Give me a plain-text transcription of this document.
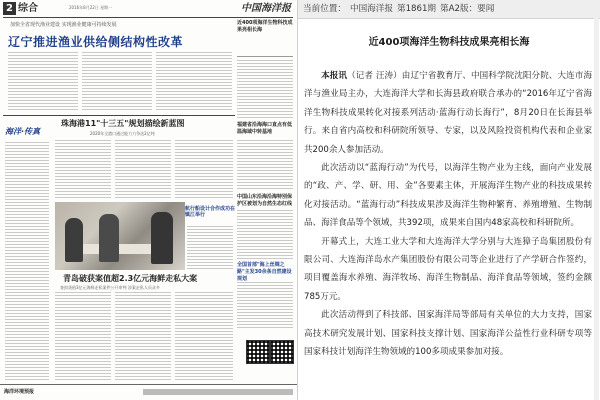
2 综合	2016年8月22日 星期一	中国海洋报
加快全省现代渔业建设 实现渔业健康可持续发展
辽宁推进渔业供给侧结构性改革
近400项海洋生物科技成果亮相长海
海洋·传真
珠海港11"十三五"规划描绘新蓝图
2020年全港口通过能力力争达2亿吨
福建省沿海海口直点有低温海域中转基地
中国山东沿海沿海特别保护区被划为自然生态红线
全国首部"海上丝绸之路"主发30余条自然建设规划
航行船设计合作成功在镇江举行
青岛破获案值超2.3亿元海鲜走私大案
查扣货值3亿元海鲜走私案件公开审判 涉案走私人员众多
海洋环境预报
当前位置： 中国海洋报 第1861期 第A2版：要闻
近400项海洋生物科技成果亮相长海

本报讯（记者 汪涛）由辽宁省教育厅、中国科学院沈阳分院、大连市海洋与渔业局主办，大连海洋大学和长海县政府联合承办的“2016年辽宁省海洋生物科技成果转化对接系列活动·蓝海行动长海行”，8月20日在长海县举行。来自省内高校和科研院所领导、专家，以及风险投资机构代表和企业家共200余人参加活动。

此次活动以“蓝海行动”为代号，以海洋生物产业为主线，面向产业发展的“政、产、学、研、用、金”各要素主体，开展海洋生物产业的科技成果转化对接活动。“蓝海行动”科技成果涉及海洋生物种繁育、养殖增殖、生物制品、海洋食品等个领域，共392项，成果来自国内48家高校和科研院所。

开幕式上，大连工业大学和大连海洋大学分别与大连獐子岛集团股份有限公司、大连海洋岛水产集团股份有限公司等企业进行了产学研合作签约，项目覆盖海水养殖、海洋牧场、海洋生物制品、海洋食品等领域，签约金额785万元。

此次活动得到了科技部、国家海洋局等部局有关单位的大力支持，国家高技术研究发展计划、国家科技支撑计划、国家海洋公益性行业科研专项等国家科技计划海洋生物领域的100多项成果参加对接。
